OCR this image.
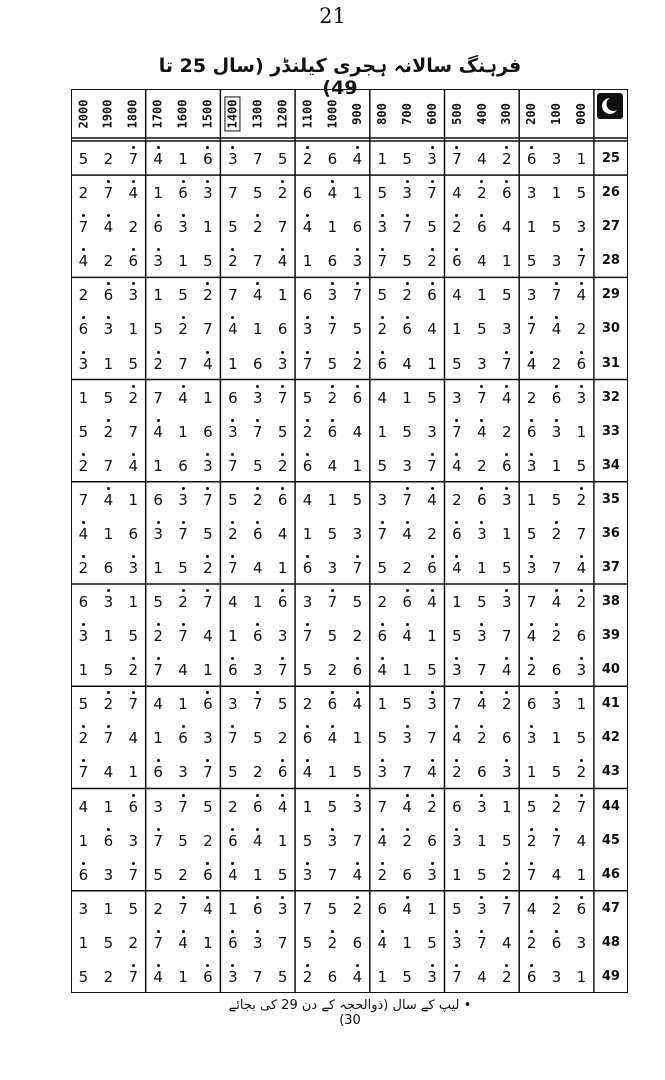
21
فرہنگ سالانہ ہجری کیلنڈر (سال 25 تا 49)
2000 1900 1800 1700 1600 1500 1400 1300 1200 1100 1000 900 800 700 600 500 400 300 200 100 000
5	2	7	4	1	6	3	7	5	2	6	4	1	5	3	7	4	2	6	3	1	25
2	7	4	1	6	3	7	5	2	6	4	1	5	3	7	4	2	6	3	1	5	26
7	4	2	6	3	1	5	2	7	4	1	6	3	7	5	2	6	4	1	5	3	27
4	2	6	3	1	5	2	7	4	1	6	3	7	5	2	6	4	1	5	3	7	28
2	6	3	1	5	2	7	4	1	6	3	7	5	2	6	4	1	5	3	7	4	29
6	3	1	5	2	7	4	1	6	3	7	5	2	6	4	1	5	3	7	4	2	30
3	1	5	2	7	4	1	6	3	7	5	2	6	4	1	5	3	7	4	2	6	31
1	5	2	7	4	1	6	3	7	5	2	6	4	1	5	3	7	4	2	6	3	32
5	2	7	4	1	6	3	7	5	2	6	4	1	5	3	7	4	2	6	3	1	33
2	7	4	1	6	3	7	5	2	6	4	1	5	3	7	4	2	6	3	1	5	34
7	4	1	6	3	7	5	2	6	4	1	5	3	7	4	2	6	3	1	5	2	35
4	1	6	3	7	5	2	6	4	1	5	3	7	4	2	6	3	1	5	2	7	36
2	6	3	1	5	2	7	4	1	6	3	7	5	2	6	4	1	5	3	7	4	37
6	3	1	5	2	7	4	1	6	3	7	5	2	6	4	1	5	3	7	4	2	38
3	1	5	2	7	4	1	6	3	7	5	2	6	4	1	5	3	7	4	2	6	39
1	5	2	7	4	1	6	3	7	5	2	6	4	1	5	3	7	4	2	6	3	40
5	2	7	4	1	6	3	7	5	2	6	4	1	5	3	7	4	2	6	3	1	41
2	7	4	1	6	3	7	5	2	6	4	1	5	3	7	4	2	6	3	1	5	42
7	4	1	6	3	7	5	2	6	4	1	5	3	7	4	2	6	3	1	5	2	43
4	1	6	3	7	5	2	6	4	1	5	3	7	4	2	6	3	1	5	2	7	44
1	6	3	7	5	2	6	4	1	5	3	7	4	2	6	3	1	5	2	7	4	45
6	3	7	5	2	6	4	1	5	3	7	4	2	6	3	1	5	2	7	4	1	46
3	1	5	2	7	4	1	6	3	7	5	2	6	4	1	5	3	7	4	2	6	47
1	5	2	7	4	1	6	3	7	5	2	6	4	1	5	3	7	4	2	6	3	48
5	2	7	4	1	6	3	7	5	2	6	4	1	5	3	7	4	2	6	3	1	49
• لیپ کے سال (ذوالحجہ کے دن 29 کی بجائے 30)
